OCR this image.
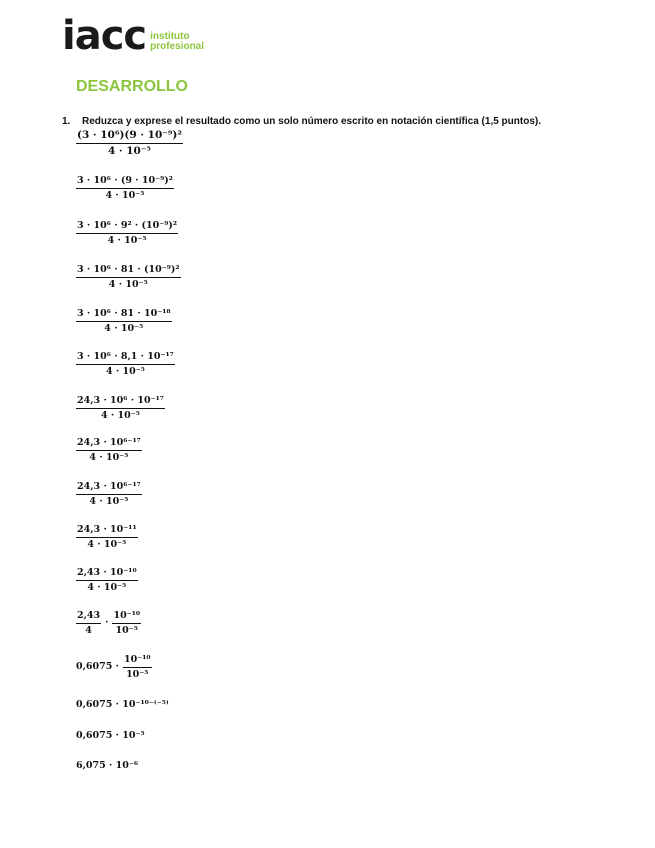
iacc instituto
profesional
DESARROLLO
1. Reduzca y exprese el resultado como un solo número escrito en notación científica (1,5 puntos).
$\frac{\text{(3 · 10⁶)(9 · 10⁻⁹)²}}{\text{4 · 10⁻⁵}}$
$\frac{\text{3 · 10⁶ · (9 · 10⁻⁹)²}}{\text{4 · 10⁻⁵}}$
$\frac{\text{3 · 10⁶ · 9² · (10⁻⁹)²}}{\text{4 · 10⁻⁵}}$
$\frac{\text{3 · 10⁶ · 81 · (10⁻⁹)²}}{\text{4 · 10⁻⁵}}$
$\frac{\text{3 · 10⁶ · 81 · 10⁻¹⁸}}{\text{4 · 10⁻⁵}}$
$\frac{\text{3 · 10⁶ · 8,1 · 10⁻¹⁷}}{\text{4 · 10⁻⁵}}$
$\frac{\text{24,3 · 10⁶ · 10⁻¹⁷}}{\text{4 · 10⁻⁵}}$
$\frac{\text{24,3 · 10⁶⁻¹⁷}}{\text{4 · 10⁻⁵}}$
$\frac{\text{24,3 · 10⁶⁻¹⁷}}{\text{4 · 10⁻⁵}}$
$\frac{\text{24,3 · 10⁻¹¹}}{\text{4 · 10⁻⁵}}$
$\frac{\text{2,43 · 10⁻¹⁰}}{\text{4 · 10⁻⁵}}$
$\frac{2,43}{4} \cdot \frac{\text{10⁻¹⁰}}{\text{10⁻⁵}}$
$0,6075 \cdot \frac{\text{10⁻¹⁰}}{\text{10⁻⁵}}$
0,6075 · 10⁻¹⁰⁻⁽⁻⁵⁾
0,6075 · 10⁻⁵
6,075 · 10⁻⁶
